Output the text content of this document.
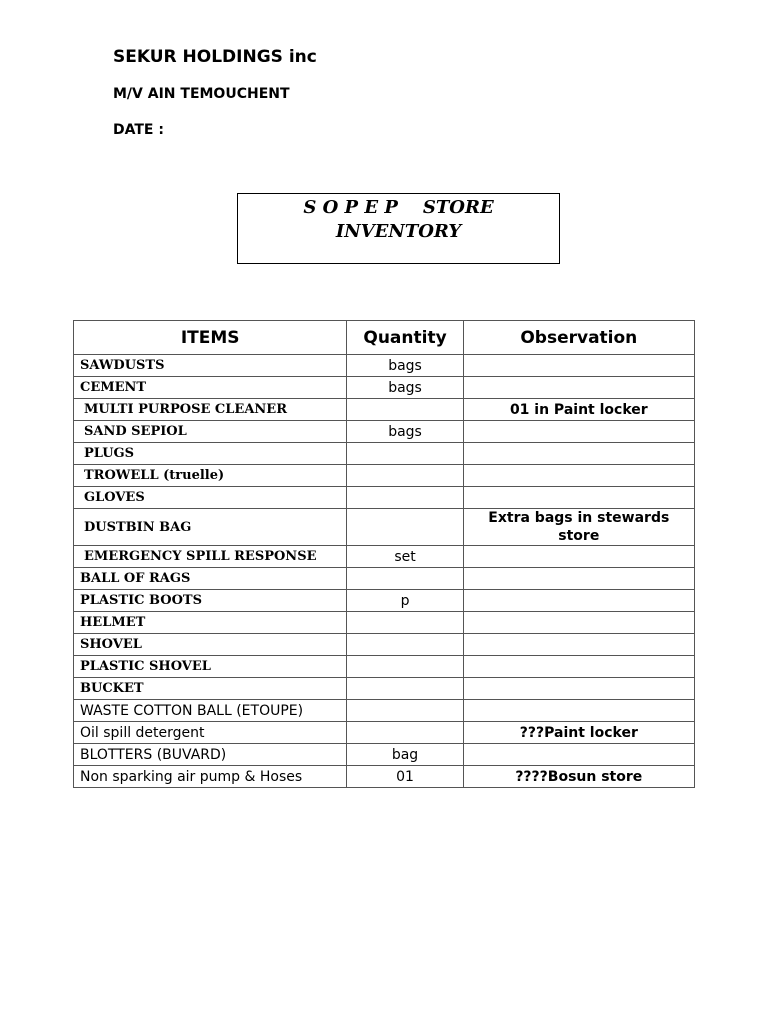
SEKUR HOLDINGS inc
M/V AIN TEMOUCHENT
DATE :
S O P E P    STORE
INVENTORY
ITEMS	Quantity	Observation
SAWDUSTS	bags	
CEMENT	bags	
MULTI PURPOSE CLEANER		01 in Paint locker
SAND SEPIOL	bags	
PLUGS		
TROWELL (truelle)		
GLOVES		
DUSTBIN BAG		Extra bags in stewards store
EMERGENCY SPILL RESPONSE	set	
BALL OF RAGS		
PLASTIC BOOTS	p	
HELMET		
SHOVEL		
PLASTIC SHOVEL		
BUCKET		
WASTE COTTON BALL (ETOUPE)		
Oil spill detergent		???Paint locker
BLOTTERS (BUVARD)	bag	
Non sparking air pump & Hoses	01	????Bosun store
